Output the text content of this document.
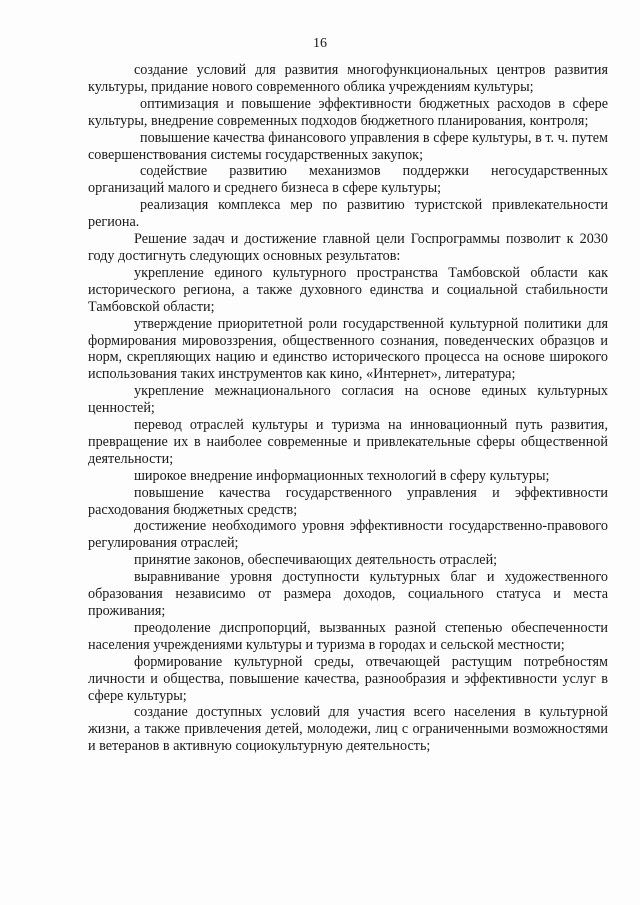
16

создание условий для развития многофункциональных центров развития культуры, придание нового современного облика учреждениям культуры;

оптимизация и повышение эффективности бюджетных расходов в сфере культуры, внедрение современных подходов бюджетного планирования, контроля;

повышение качества финансового управления в сфере культуры, в т. ч. путем совершенствования системы государственных закупок;

содействие развитию механизмов поддержки негосударственных организаций малого и среднего бизнеса в сфере культуры;

реализация комплекса мер по развитию туристской привлекательности региона.

Решение задач и достижение главной цели Госпрограммы позволит к 2030 году достигнуть следующих основных результатов:

укрепление единого культурного пространства Тамбовской области как исторического региона, а также духовного единства и социальной стабильности Тамбовской области;

утверждение приоритетной роли государственной культурной политики для формирования мировоззрения, общественного сознания, поведенческих образцов и норм, скрепляющих нацию и единство исторического процесса на основе широкого использования таких инструментов как кино, «Интернет», литература;

укрепление межнационального согласия на основе единых культурных ценностей;

перевод отраслей культуры и туризма на инновационный путь развития, превращение их в наиболее современные и привлекательные сферы общественной деятельности;

широкое внедрение информационных технологий в сферу культуры;

повышение качества государственного управления и эффективности расходования бюджетных средств;

достижение необходимого уровня эффективности государственно-правового регулирования отраслей;

принятие законов, обеспечивающих деятельность отраслей;

выравнивание уровня доступности культурных благ и художественного образования независимо от размера доходов, социального статуса и места проживания;

преодоление диспропорций, вызванных разной степенью обеспеченности населения учреждениями культуры и туризма в городах и сельской местности;

формирование культурной среды, отвечающей растущим потребностям личности и общества, повышение качества, разнообразия и эффективности услуг в сфере культуры;

создание доступных условий для участия всего населения в культурной жизни, а также привлечения детей, молодежи, лиц с ограниченными возможностями и ветеранов в активную социокультурную деятельность;
